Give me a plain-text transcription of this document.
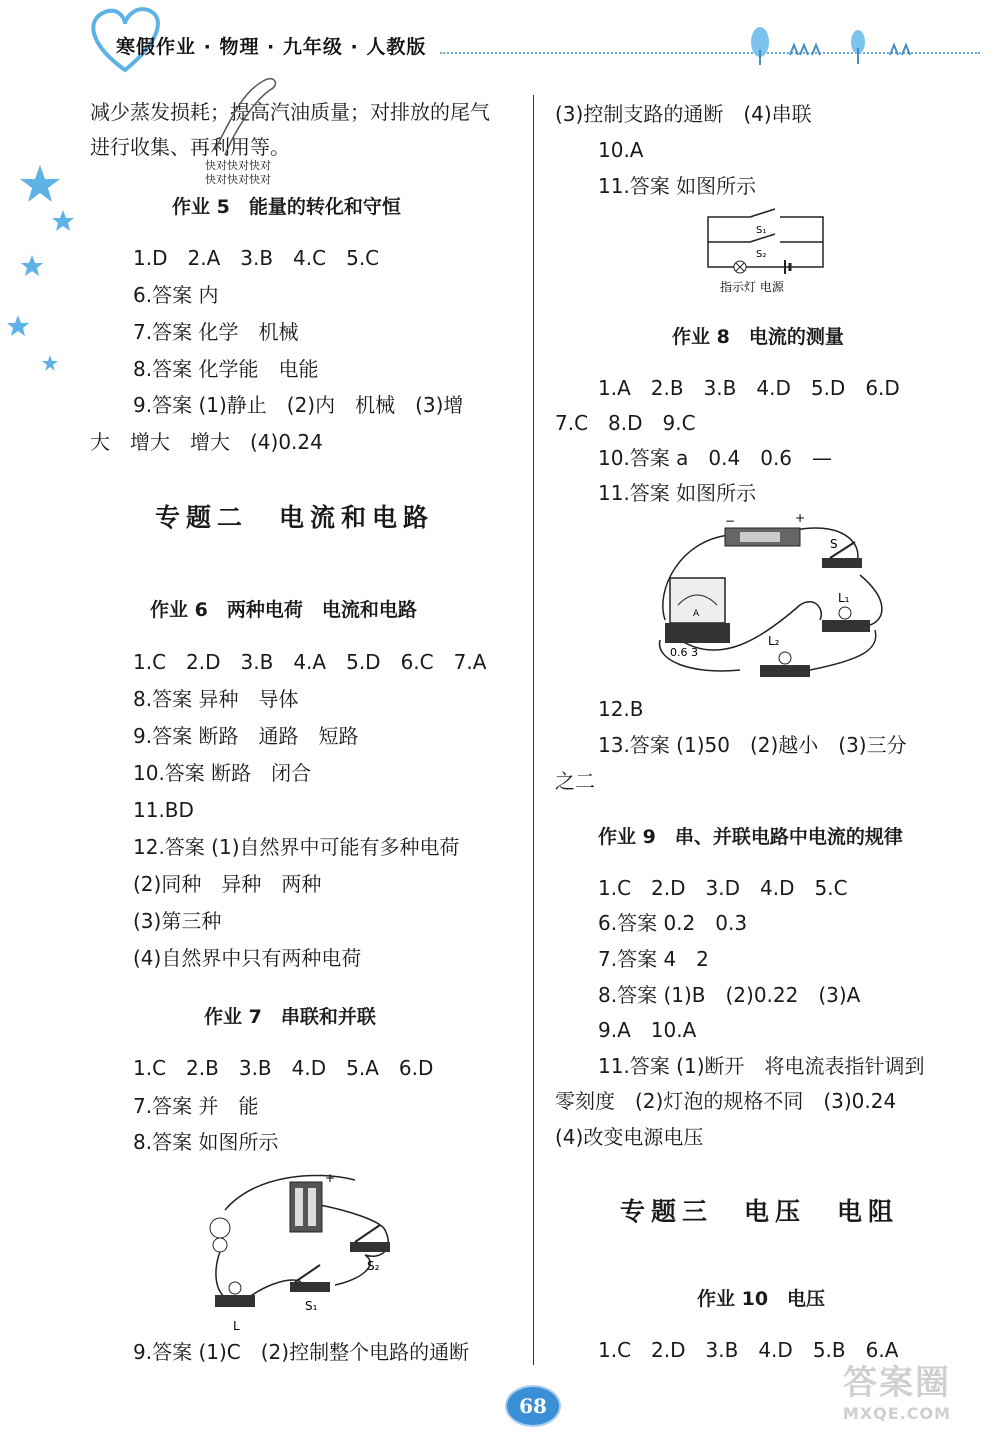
寒假作业 · 物理 · 九年级 · 人教版
减少蒸发损耗；提高汽油质量；对排放的尾气
进行收集、再利用等。
快对快对快对
快对快对快对
作业 5　能量的转化和守恒
1.D　2.A　3.B　4.C　5.C
6.答案 内
7.答案 化学　机械
8.答案 化学能　电能
9.答案 (1)静止　(2)内　机械　(3)增
大　增大　增大　(4)0.24
专题二　电流和电路
作业 6　两种电荷　电流和电路
1.C　2.D　3.B　4.A　5.D　6.C　7.A
8.答案 异种　导体
9.答案 断路　通路　短路
10.答案 断路　闭合
11.BD
12.答案 (1)自然界中可能有多种电荷
(2)同种　异种　两种
(3)第三种
(4)自然界中只有两种电荷
作业 7　串联和并联
1.C　2.B　3.B　4.D　5.A　6.D
7.答案 并　能
8.答案 如图所示
+
S₂
S₁
L
9.答案 (1)C　(2)控制整个电路的通断
(3)控制支路的通断　(4)串联
10.A
11.答案 如图所示
S₁
S₂
指示灯 电源
作业 8　电流的测量
1.A　2.B　3.B　4.D　5.D　6.D
7.C　8.D　9.C
10.答案 a　0.4　0.6　—
11.答案 如图所示
−	+
S
A
0.6 3
L₁
L₂
12.B
13.答案 (1)50　(2)越小　(3)三分
之二
作业 9　串、并联电路中电流的规律
1.C　2.D　3.D　4.D　5.C
6.答案 0.2　0.3
7.答案 4　2
8.答案 (1)B　(2)0.22　(3)A
9.A　10.A
11.答案 (1)断开　将电流表指针调到
零刻度　(2)灯泡的规格不同　(3)0.24
(4)改变电源电压
专题三　电压　电阻
作业 10　电压
1.C　2.D　3.B　4.D　5.B　6.A
68
答案圈
MXQE.COM
